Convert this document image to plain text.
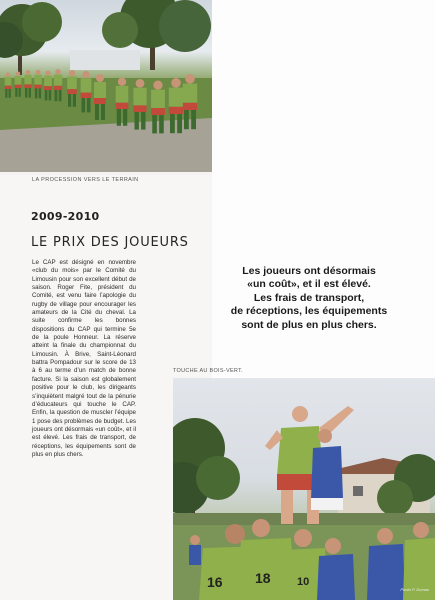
LA PROCESSION VERS LE TERRAIN
2009-2010
LE PRIX DES JOUEURS

Le CAP est désigné en novembre «club du mois» par le Comité du Limousin pour son excellent début de saison. Roger Fite, président du Comité, est venu faire l’apologie du rugby de village pour encourager les amateurs de la Cité du cheval. La suite confirme les bonnes dispositions du CAP qui termine 5e de la poule Honneur. La réserve atteint la finale du championnat du Limousin. À Brive, Saint-Léonard battra Pompadour sur le score de 13 à 6 au terme d’un match de bonne facture. Si la saison est globalement positive pour le club, les dirigeants s’inquiètent malgré tout de la pénurie d’éducateurs qui touche le CAP. Enfin, la question de muscler l’équipe 1 pose des problèmes de budget. Les joueurs ont désormais «un coût», et il est élevé. Les frais de transport, de réceptions, les équipements sont de plus en plus chers.

Les joueurs ont désormais
«un coût», et il est élevé.
Les frais de transport,
de réceptions, les équipements
sont de plus en plus chers.

TOUCHE AU BOIS-VERT.
16 18 10
Photo P. Dumas
